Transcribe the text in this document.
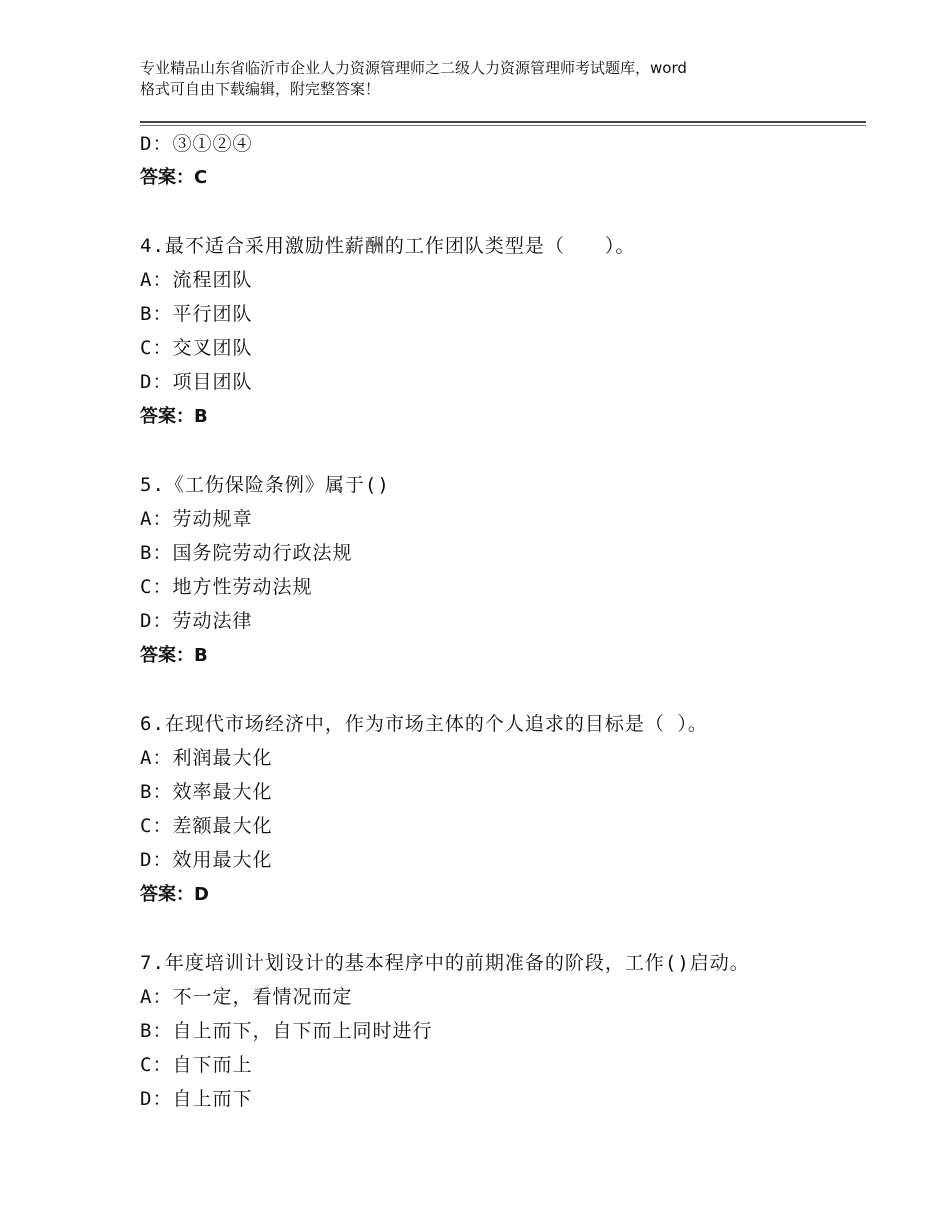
专业精品山东省临沂市企业人力资源管理师之二级人力资源管理师考试题库，word
格式可自由下载编辑，附完整答案！
D：③①②④
答案：C
4.最不适合采用激励性薪酬的工作团队类型是（　　）。
A：流程团队
B：平行团队
C：交叉团队
D：项目团队
答案：B
5.《工伤保险条例》属于()
A：劳动规章
B：国务院劳动行政法规
C：地方性劳动法规
D：劳动法律
答案：B
6.在现代市场经济中，作为市场主体的个人追求的目标是（ ）。
A：利润最大化
B：效率最大化
C：差额最大化
D：效用最大化
答案：D
7.年度培训计划设计的基本程序中的前期准备的阶段，工作()启动。
A：不一定，看情况而定
B：自上而下，自下而上同时进行
C：自下而上
D：自上而下
